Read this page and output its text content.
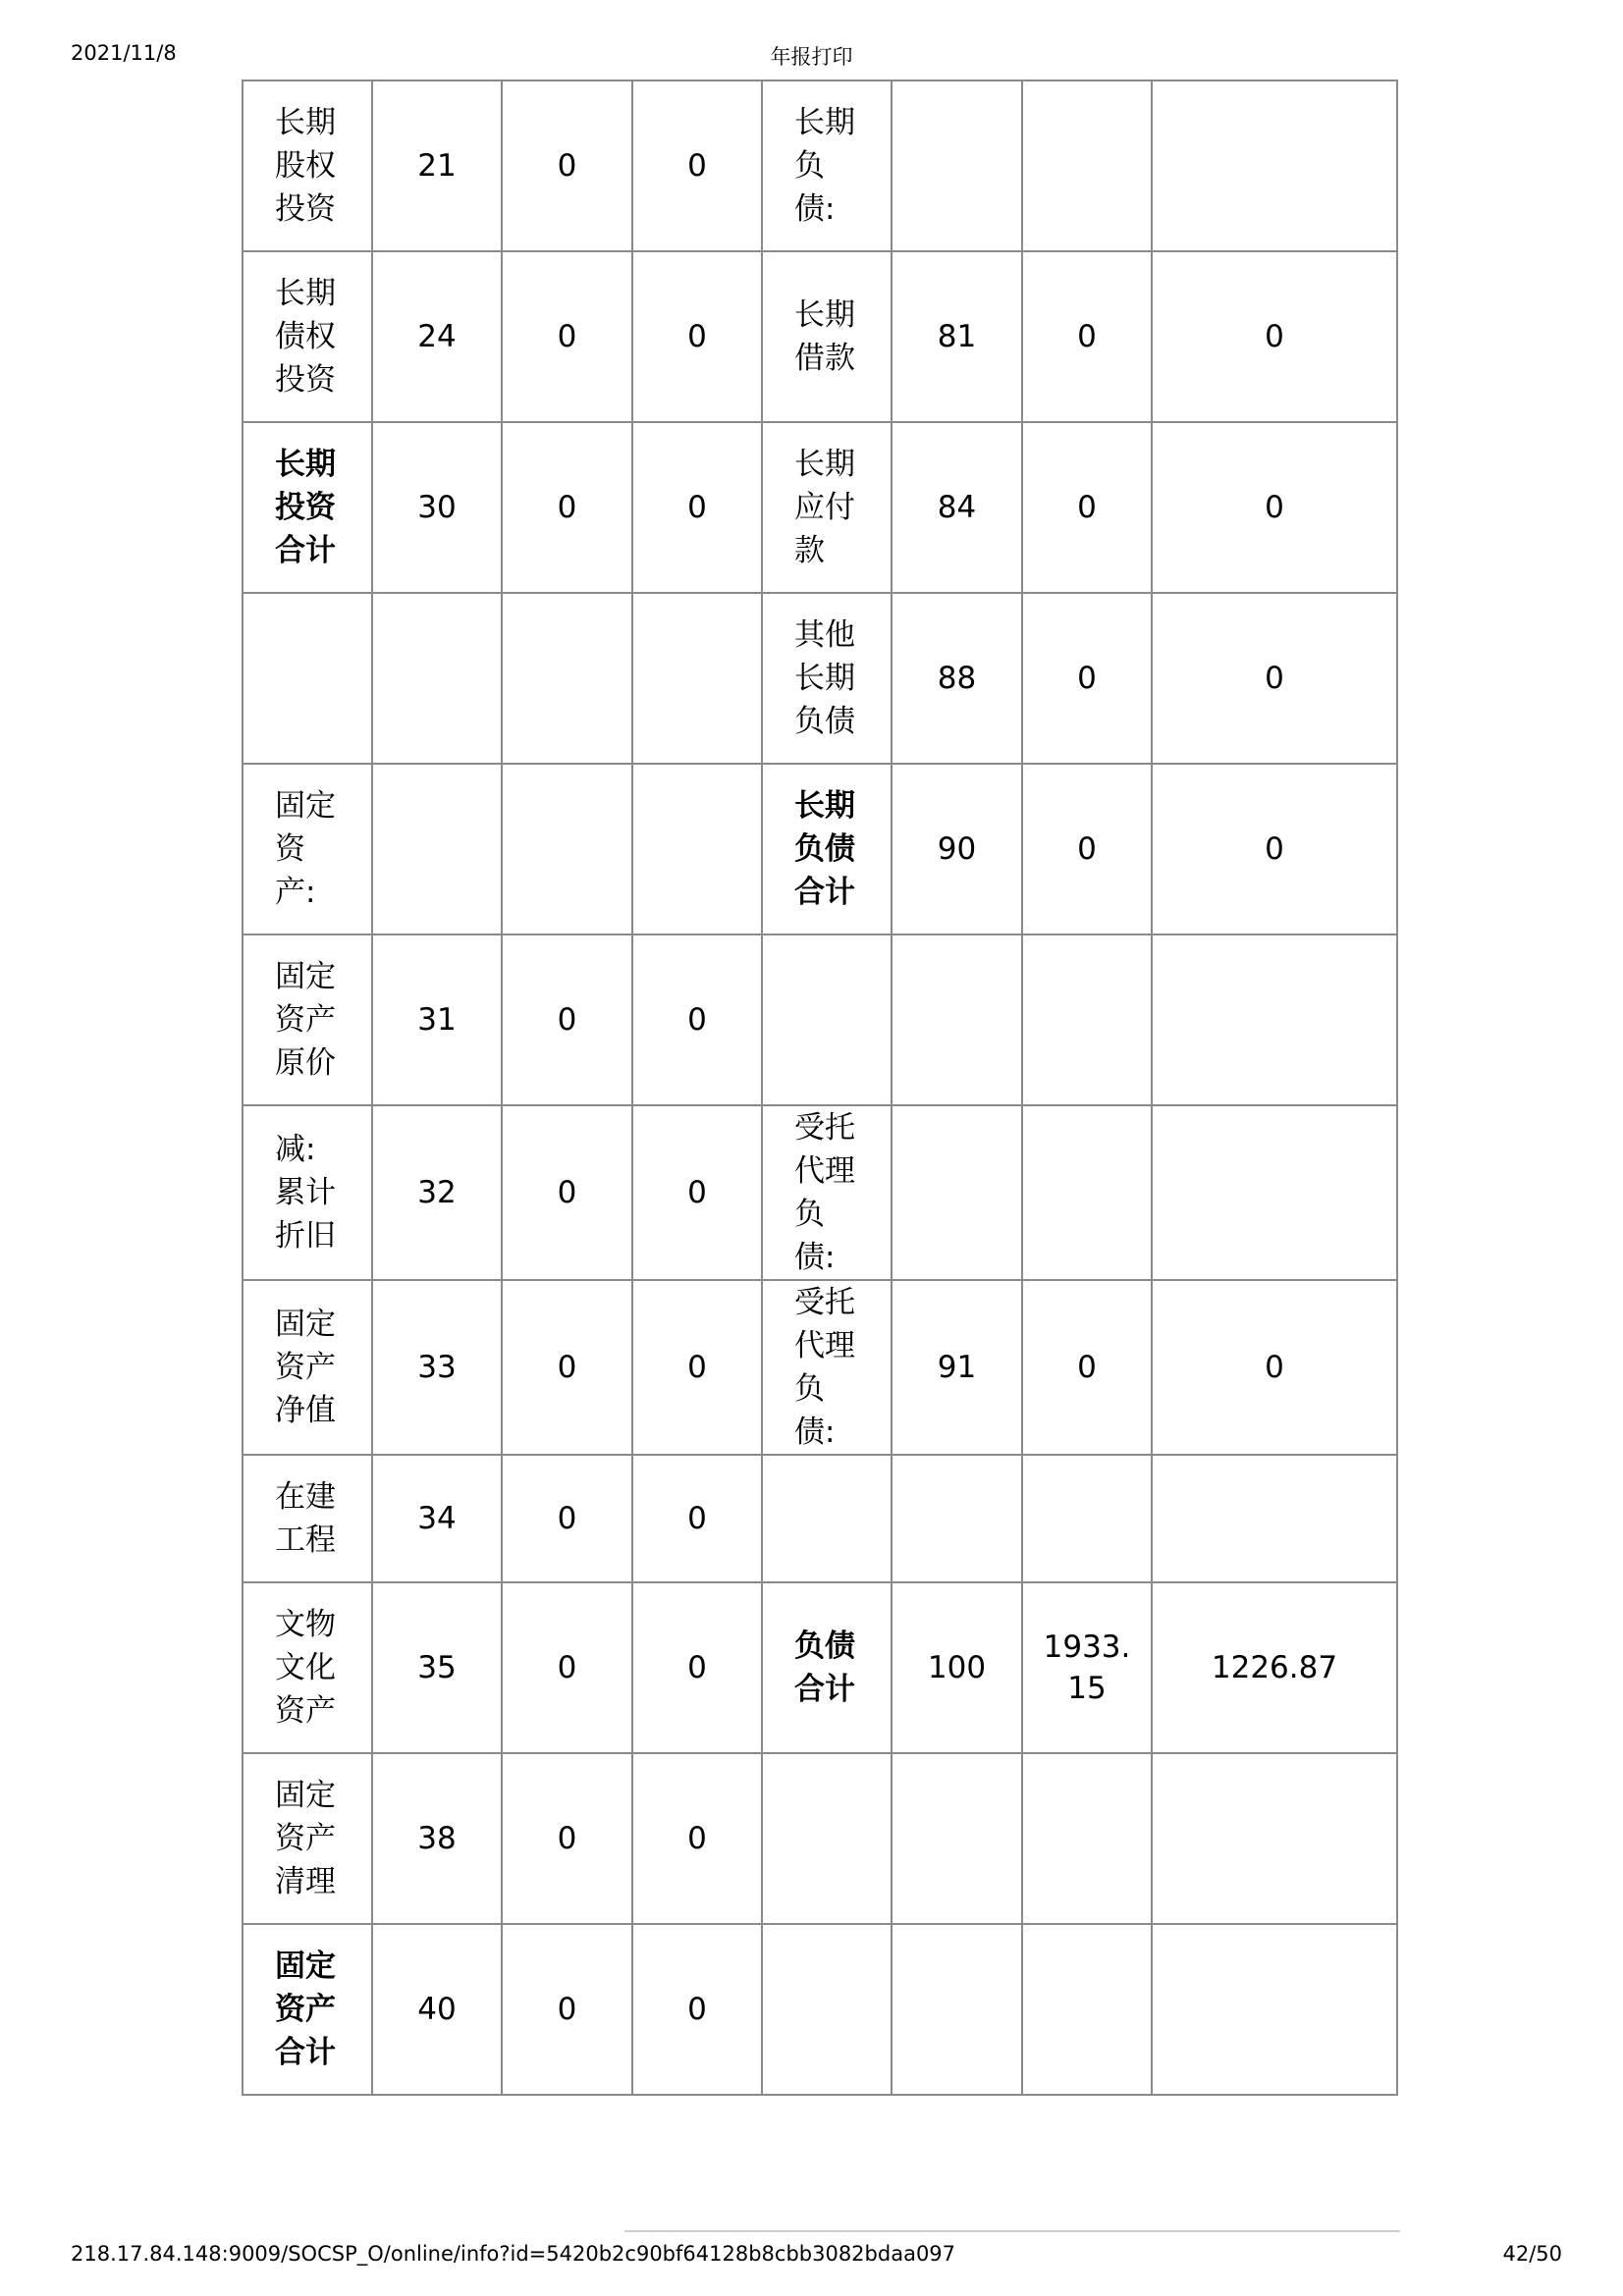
2021/11/8	年报打印
长期股权投资	21	0	0	长期负债:			
长期债权投资	24	0	0	长期借款	81	0	0
长期投资合计	30	0	0	长期应付款	84	0	0
				其他长期负债	88	0	0
固定资产:				长期负债合计	90	0	0
固定资产原价	31	0	0				
减:累计折旧	32	0	0	受托代理负债:			
固定资产净值	33	0	0	受托代理负债:	91	0	0
在建工程	34	0	0				
文物文化资产	35	0	0	负债合计	100	1933.15	1226.87
固定资产清理	38	0	0				
固定资产合计	40	0	0				
218.17.84.148:9009/SOCSP_O/online/info?id=5420b2c90bf64128b8cbb3082bdaa097	42/50
